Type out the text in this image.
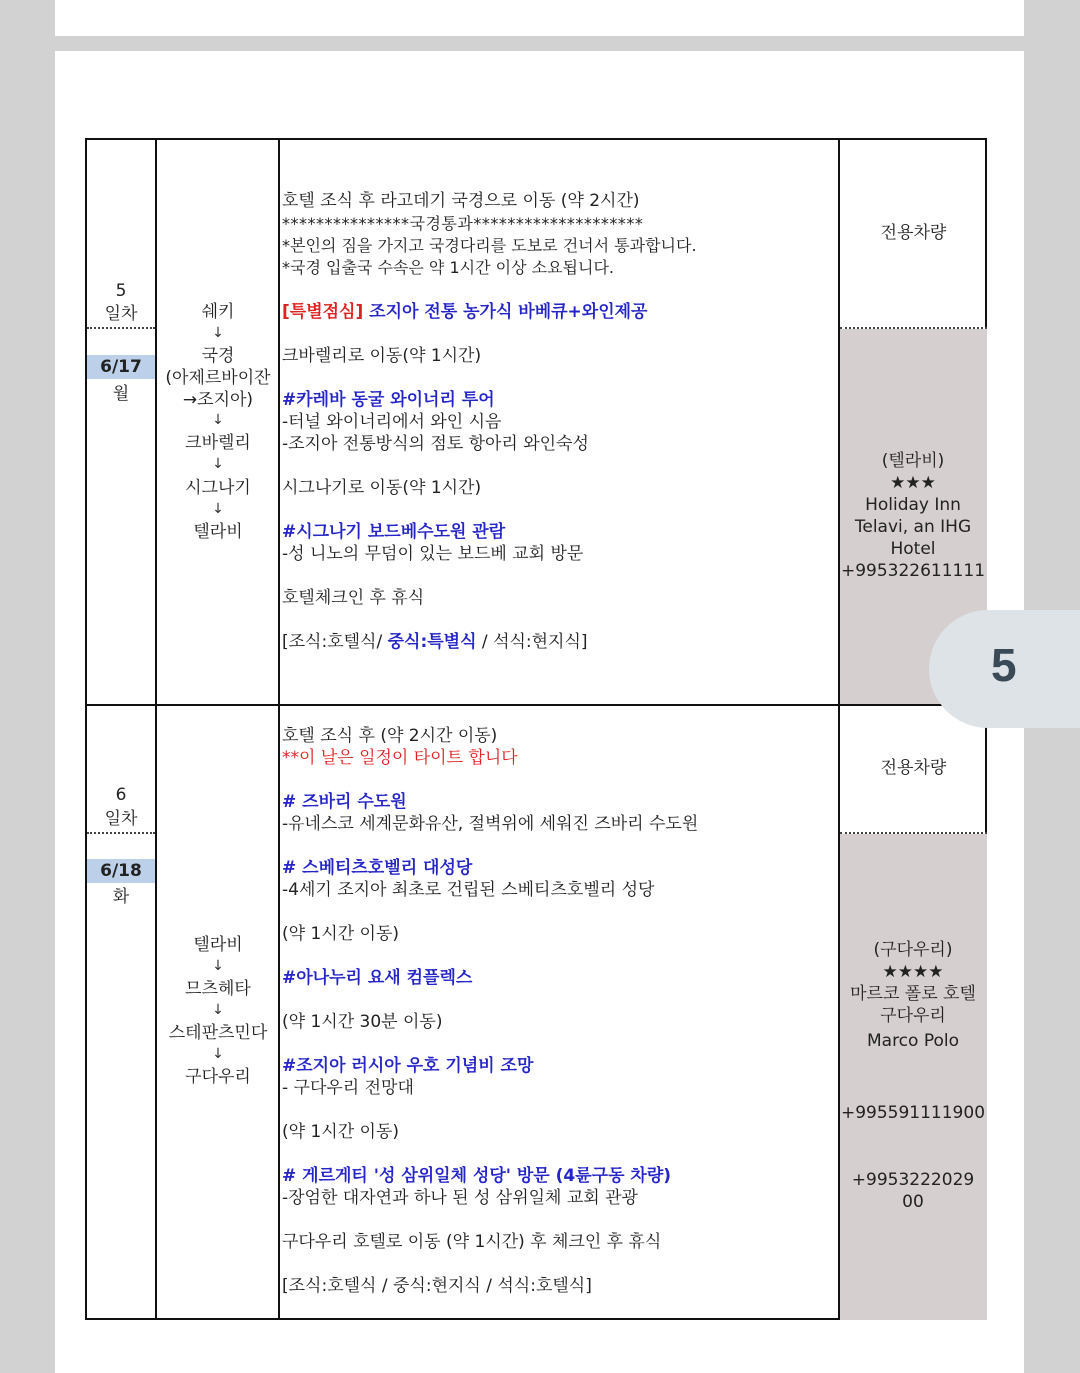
5
일차
6/17
월
쉐키
↓
국경
(아제르바이잔
→조지아)
↓
크바렐리
↓
시그나기
↓
텔라비
호텔 조식 후 라고데기 국경으로 이동 (약 2시간)
***************국경통과********************
*본인의 짐을 가지고 국경다리를 도보로 건너서 통과합니다.
*국경 입출국 수속은 약 1시간 이상 소요됩니다.
[특별점심] 조지아 전통 농가식 바베큐+와인제공
크바렐리로 이동(약 1시간)
#카레바 동굴 와이너리 투어
-터널 와이너리에서 와인 시음
-조지아 전통방식의 점토 항아리 와인숙성
시그나기로 이동(약 1시간)
#시그나기 보드베수도원 관람
-성 니노의 무덤이 있는 보드베 교회 방문
호텔체크인 후 휴식
[조식:호텔식/ 중식:특별식 / 석식:현지식]
전용차량
(텔라비)
★★★
Holiday Inn
Telavi, an IHG
Hotel
+995322611111
6
일차
6/18
화
텔라비
↓
므츠헤타
↓
스테판츠민다
↓
구다우리
호텔 조식 후 (약 2시간 이동)
**이 날은 일정이 타이트 합니다
# 즈바리 수도원
-유네스코 세계문화유산, 절벽위에 세워진 즈바리 수도원
# 스베티츠호벨리 대성당
-4세기 조지아 최초로 건립된 스베티츠호벨리 성당
(약 1시간 이동)
#아나누리 요새 컴플렉스
(약 1시간 30분 이동)
#조지아 러시아 우호 기념비 조망
- 구다우리 전망대
(약 1시간 이동)
# 게르게티 '성 삼위일체 성당' 방문 (4륜구동 차량)
-장엄한 대자연과 하나 된 성 삼위일체 교회 관광
구다우리 호텔로 이동 (약 1시간) 후 체크인 후 휴식
[조식:호텔식 / 중식:현지식 / 석식:호텔식]
전용차량
(구다우리)
★★★★
마르코 폴로 호텔
구다우리
Marco Polo
+995591111900
+9953222029
00
5
